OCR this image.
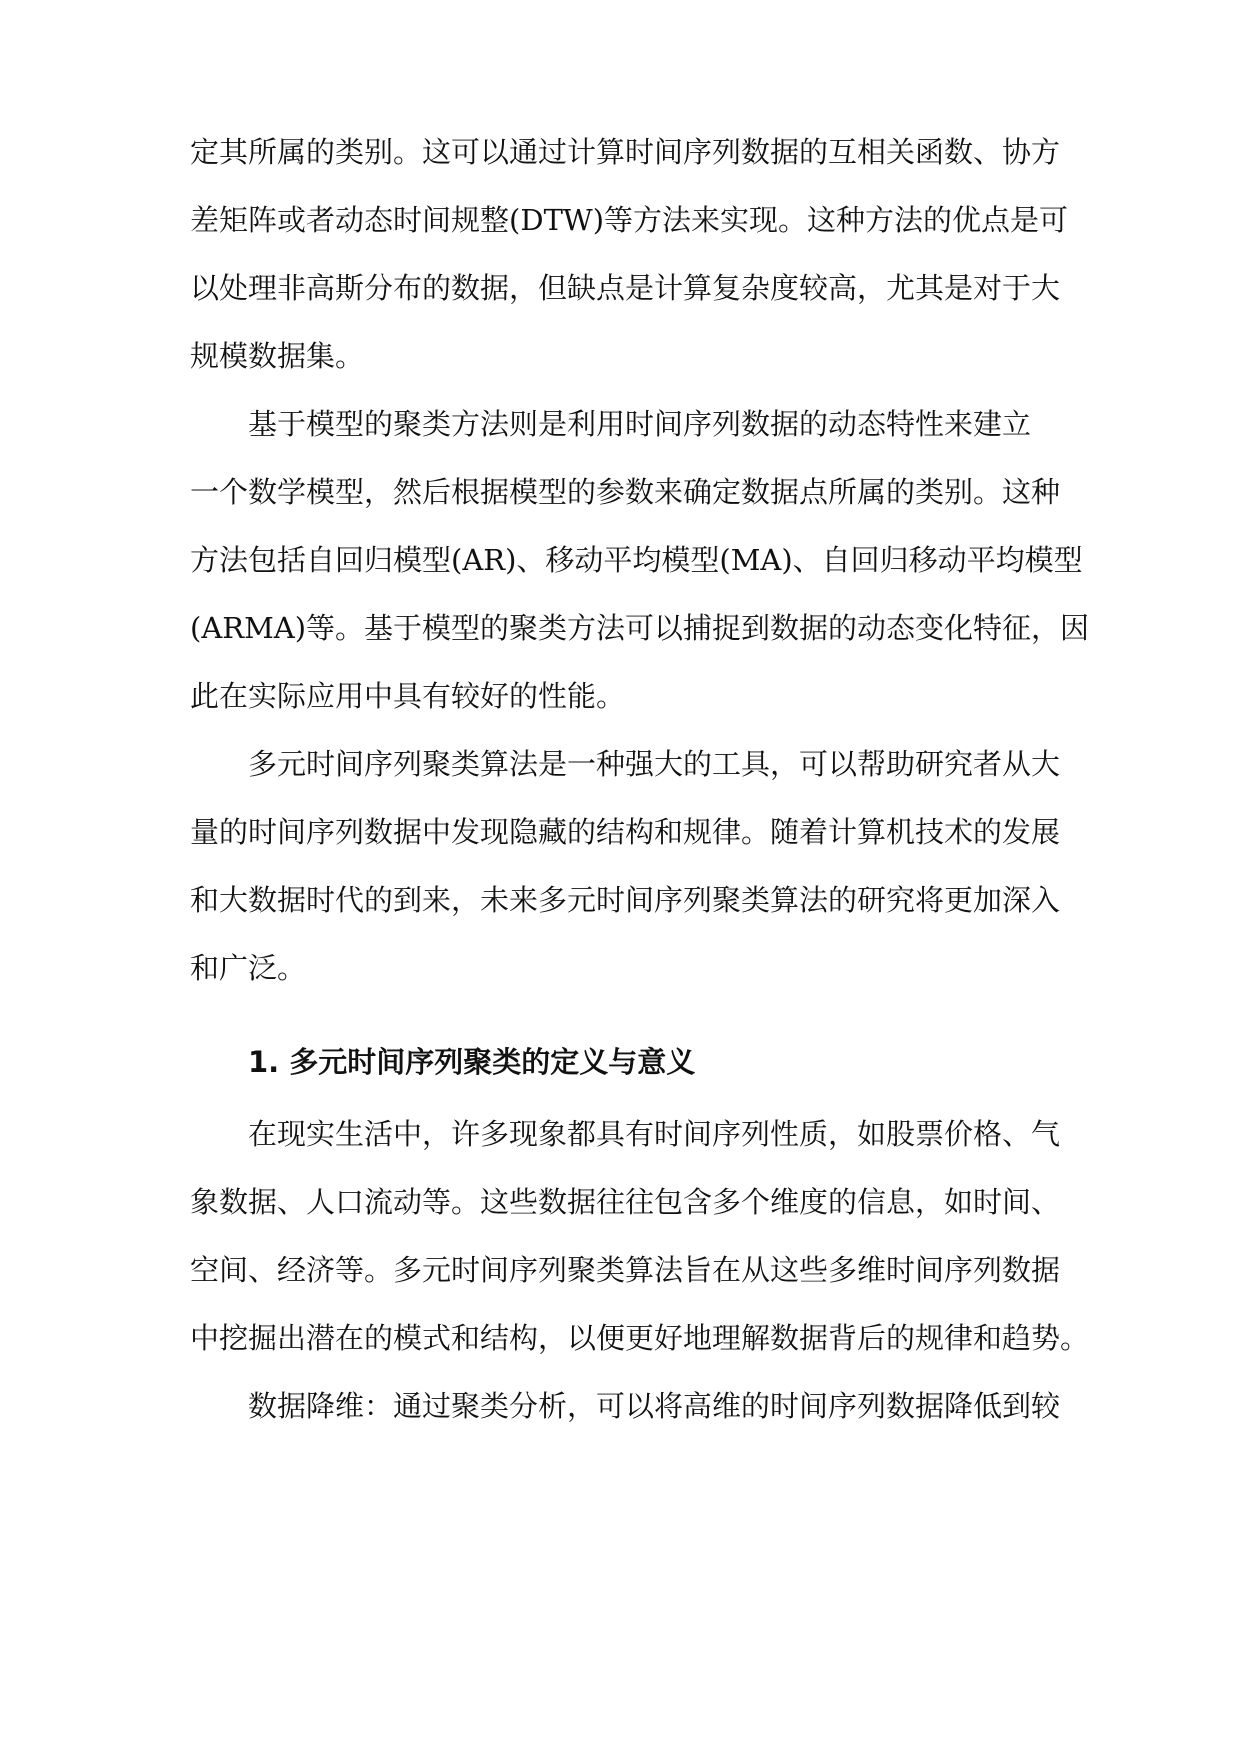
定其所属的类别。这可以通过计算时间序列数据的互相关函数、协方
差矩阵或者动态时间规整(DTW)等方法来实现。这种方法的优点是可
以处理非高斯分布的数据，但缺点是计算复杂度较高，尤其是对于大
规模数据集。
基于模型的聚类方法则是利用时间序列数据的动态特性来建立
一个数学模型，然后根据模型的参数来确定数据点所属的类别。这种
方法包括自回归模型(AR)、移动平均模型(MA)、自回归移动平均模型
(ARMA)等。基于模型的聚类方法可以捕捉到数据的动态变化特征，因
此在实际应用中具有较好的性能。
多元时间序列聚类算法是一种强大的工具，可以帮助研究者从大
量的时间序列数据中发现隐藏的结构和规律。随着计算机技术的发展
和大数据时代的到来，未来多元时间序列聚类算法的研究将更加深入
和广泛。
1. 多元时间序列聚类的定义与意义
在现实生活中，许多现象都具有时间序列性质，如股票价格、气
象数据、人口流动等。这些数据往往包含多个维度的信息，如时间、
空间、经济等。多元时间序列聚类算法旨在从这些多维时间序列数据
中挖掘出潜在的模式和结构，以便更好地理解数据背后的规律和趋势。
数据降维：通过聚类分析，可以将高维的时间序列数据降低到较
